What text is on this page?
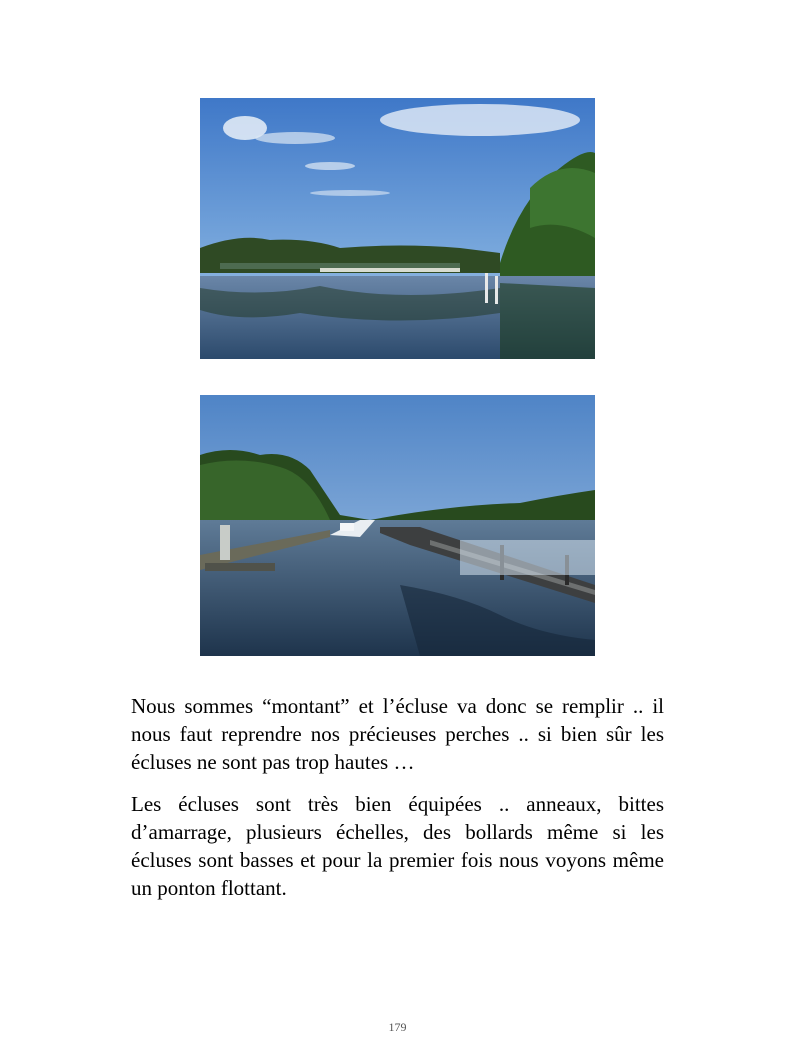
Nous sommes “montant” et l’écluse va donc se remplir .. il nous faut reprendre nos précieuses perches .. si bien sûr les écluses ne sont pas trop hautes …

Les écluses sont très bien équipées .. anneaux, bittes d’amarrage, plusieurs échelles, des bollards même si les écluses sont basses et pour la premier fois nous voyons même un ponton flottant.

179
